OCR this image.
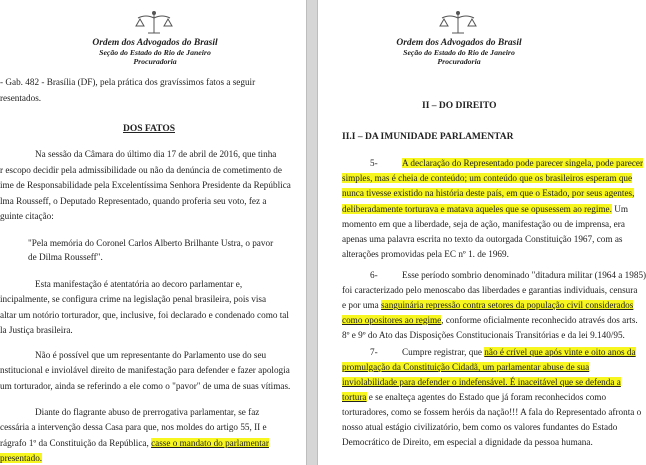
Ordem dos Advogados do Brasil
Seção do Estado do Rio de Janeiro
Procuradoria
- Gab. 482 - Brasília (DF), pela prática dos gravíssimos fatos a seguir
resentados.
DOS FATOS
Na sessão da Câmara do último dia 17 de abril de 2016, que tinha
r escopo decidir pela admissibilidade ou não da denúncia de cometimento de
ime de Responsabilidade pela Excelentíssima Senhora Presidente da República
lma Rousseff, o Deputado Representado, quando proferia seu voto, fez a
guinte citação:
"Pela memória do Coronel Carlos Alberto Brilhante Ustra, o pavor
de Dilma Rousseff".
Esta manifestação é atentatória ao decoro parlamentar e,
incipalmente, se configura crime na legislação penal brasileira, pois visa
altar um notório torturador, que, inclusive, foi declarado e condenado como tal
la Justiça brasileira.
Não é possível que um representante do Parlamento use do seu
nstitucional e inviolável direito de manifestação para defender e fazer apologia
um torturador, ainda se referindo a ele como o "pavor" de uma de suas vítimas.
Diante do flagrante abuso de prerrogativa parlamentar, se faz
cessária a intervenção dessa Casa para que, nos moldes do artigo 55, II e
rágrafo 1º da Constituição da República, casse o mandato do parlamentar
presentado.
Ordem dos Advogados do Brasil
Seção do Estado do Rio de Janeiro
Procuradoria
II – DO DIREITO
II.I – DA IMUNIDADE PARLAMENTAR
5-	A declaração do Representado pode parecer singela, pode parecer
simples, mas é cheia de conteúdo; um conteúdo que os brasileiros esperam que
nunca tivesse existido na história deste país, em que o Estado, por seus agentes,
deliberadamente torturava e matava aqueles que se opusessem ao regime. Um
momento em que a liberdade, seja de ação, manifestação ou de imprensa, era
apenas uma palavra escrita no texto da outorgada Constituição 1967, com as
alterações promovidas pela EC nº 1. de 1969.
6-	Esse período sombrio denominado "ditadura militar (1964 a 1985)
foi caracterizado pelo menoscabo das liberdades e garantias individuais, censura
e por uma sanguinária repressão contra setores da população civil considerados
como opositores ao regime, conforme oficialmente reconhecido através dos arts.
8º e 9º do Ato das Disposições Constitucionais Transitórias e da lei 9.140/95.
7-	Cumpre registrar, que não é crível que após vinte e oito anos da
promulgação da Constituição Cidadã, um parlamentar abuse de sua
inviolabilidade para defender o indefensável. É inaceitável que se defenda a
tortura e se enalteça agentes do Estado que já foram reconhecidos como
torturadores, como se fossem heróis da nação!!! A fala do Representado afronta o
nosso atual estágio civilizatório, bem como os valores fundantes do Estado
Democrático de Direito, em especial a dignidade da pessoa humana.
